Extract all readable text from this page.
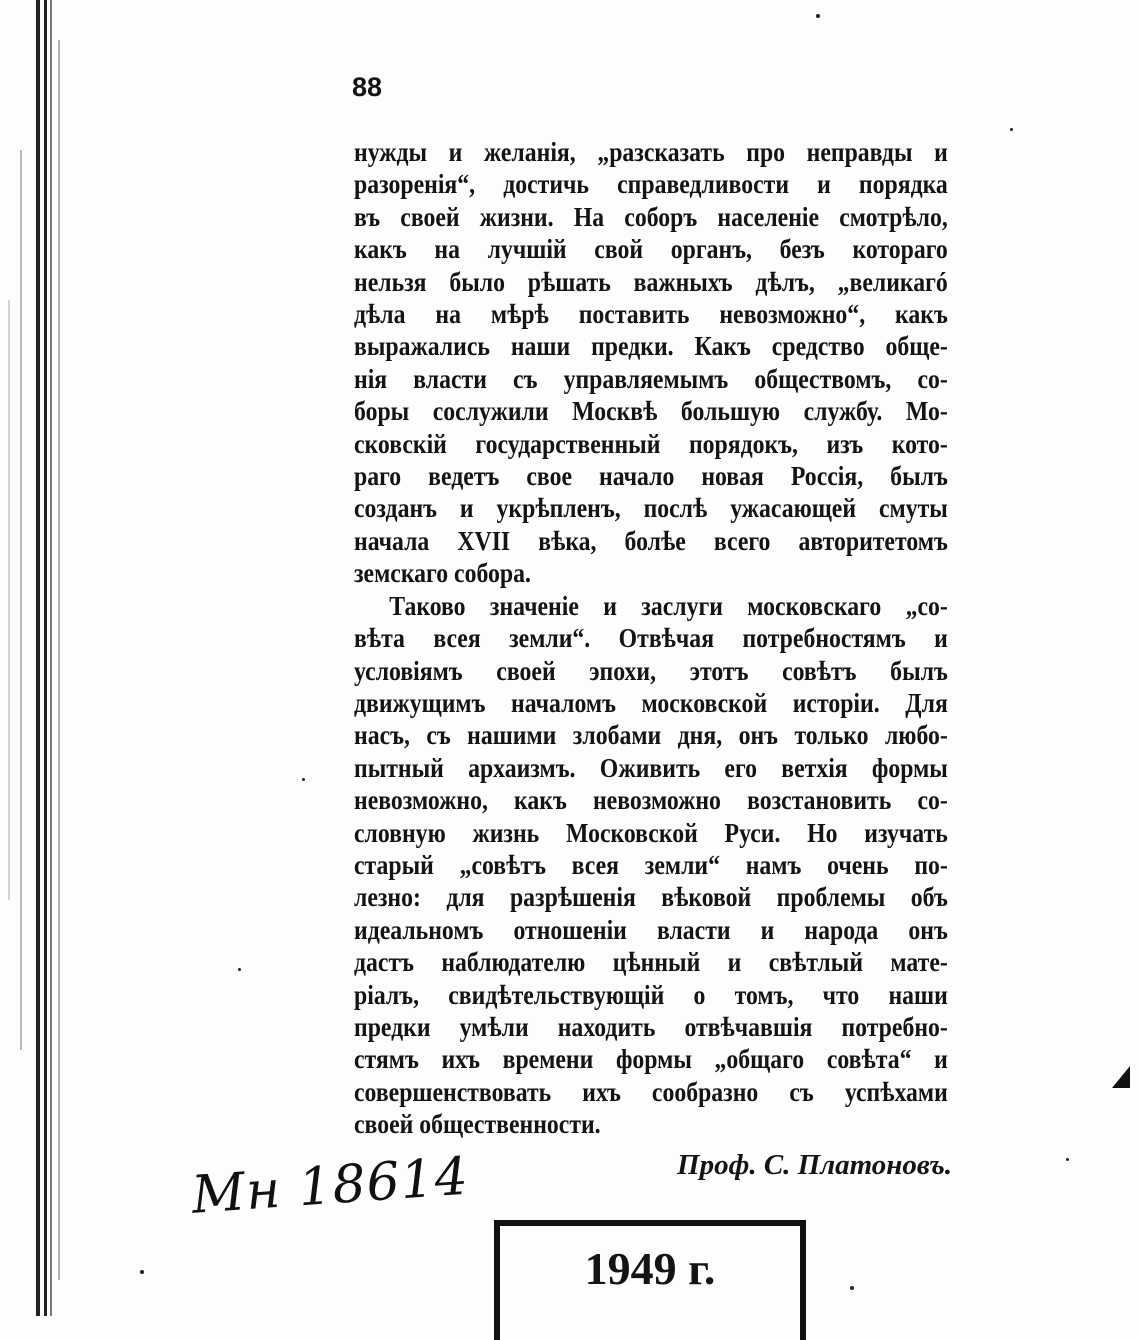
88

нужды и желанія, „разсказать про неправды и
разоренія“, достичь справедливости и порядка
въ своей жизни. На соборъ населеніе смотрѣло,
какъ на лучшій свой органъ, безъ котораго
нельзя было рѣшать важныхъ дѣлъ, „великагó
дѣла на мѣрѣ поставить невозможно“, какъ
выражались наши предки. Какъ средство обще-
нія власти съ управляемымъ обществомъ, со-
боры сослужили Москвѣ большую службу. Мо-
сковскій государственный порядокъ, изъ кото-
раго ведетъ свое начало новая Россія, былъ
созданъ и укрѣпленъ, послѣ ужасающей смуты
начала XVII вѣка, болѣе всего авторитетомъ
земскаго собора.

Таково значеніе и заслуги московскаго „со-
вѣта всея земли“. Отвѣчая потребностямъ и
условіямъ своей эпохи, этотъ совѣтъ былъ
движущимъ началомъ московской исторіи. Для
насъ, съ нашими злобами дня, онъ только любо-
пытный архаизмъ. Оживить его ветхія формы
невозможно, какъ невозможно возстановить со-
словную жизнь Московской Руси. Но изучать
старый „совѣтъ всея земли“ намъ очень по-
лезно: для разрѣшенія вѣковой проблемы объ
идеальномъ отношеніи власти и народа онъ
дастъ наблюдателю цѣнный и свѣтлый мате-
ріалъ, свидѣтельствующій о томъ, что наши
предки умѣли находить отвѣчавшія потребно-
стямъ ихъ времени формы „общаго совѣта“ и
совершенствовать ихъ сообразно съ успѣхами
своей общественности.

Проф. С. Платоновъ.
Мн 18614
1949 г.
